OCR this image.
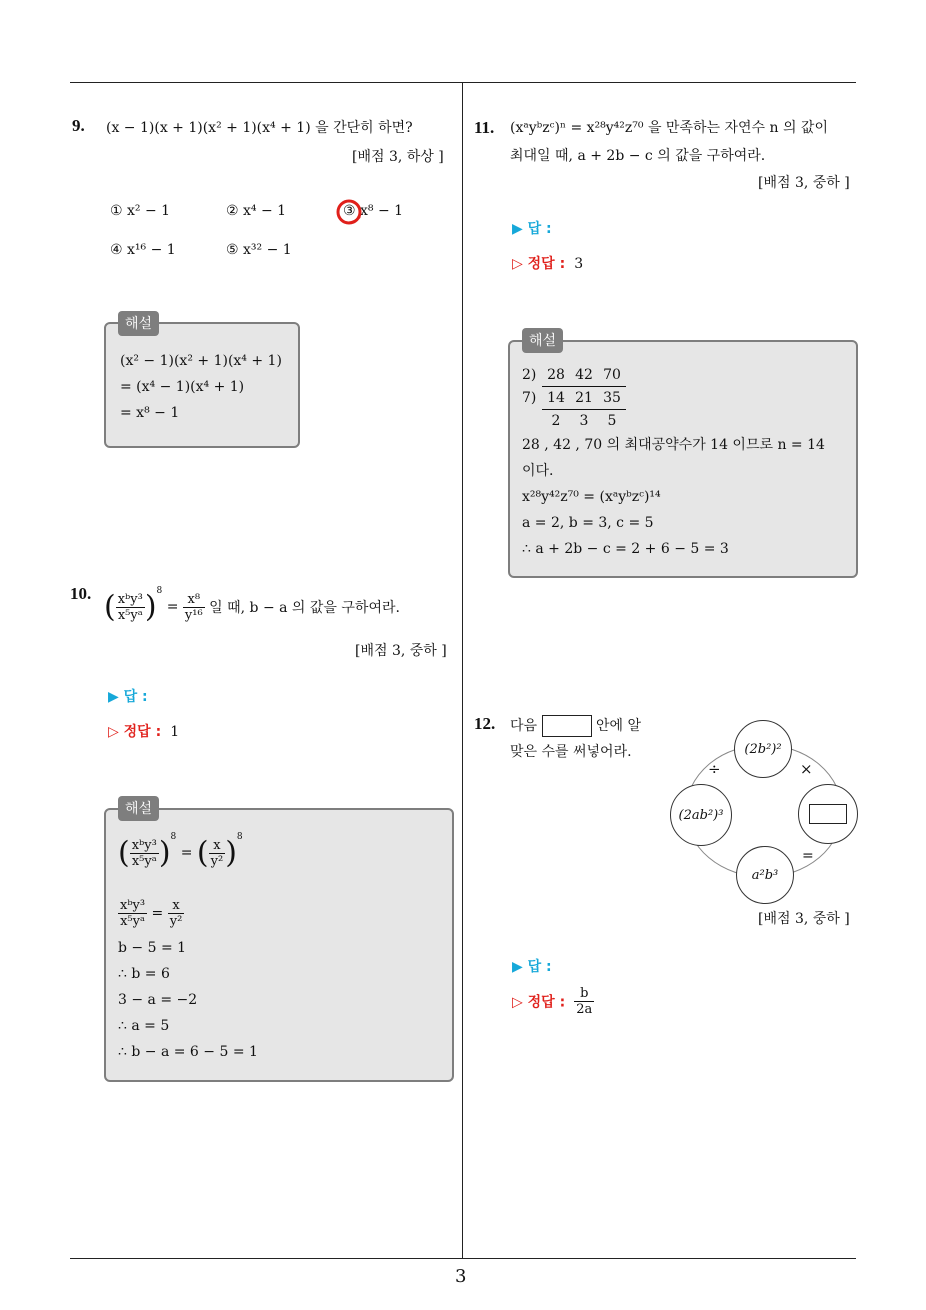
3
9. (x − 1)(x + 1)(x² + 1)(x⁴ + 1) 을 간단히 하면?
[배점 3, 하상 ]
① x² − 1	② x⁴ − 1	③ x⁸ − 1
④ x¹⁶ − 1	⑤ x³² − 1
(x² − 1)(x² + 1)(x⁴ + 1)
= (x⁴ − 1)(x⁴ + 1)
= x⁸ − 1
해설
10. ( $\frac{\text{xᵇy³}}{\text{x⁵yᵃ}} )^8 = \frac{\text{x⁸}}{\text{y¹⁶}}$ 일 때, b − a 의 값을 구하여라.
[배점 3, 중하 ]
▶ 답 :
▷ 정답 : 1
( $\frac{\text{xᵇy³}}{\text{x⁵yᵃ}} )^8$ = ( $\frac{x}{\text{y²}} )^8$
$\frac{\text{xᵇy³}}{\text{x⁵yᵃ}} = \frac{x}{\text{y²}}$
b − 5 = 1
∴ b = 6
3 − a = −2
∴ a = 5
∴ b − a = 6 − 5 = 1
해설
11. (xᵃyᵇzᶜ)ⁿ = x²⁸y⁴²z⁷⁰ 을 만족하는 자연수 n 의 값이
최대일 때, a + 2b − c 의 값을 구하여라.
[배점 3, 중하 ]
▶ 답 :
▷ 정답 : 3
2) 28 42 70
7) 14 21 35
2	3	5
28 , 42 , 70 의 최대공약수가 14 이므로 n = 14
이다.
x²⁸y⁴²z⁷⁰ = (xᵃyᵇzᶜ)¹⁴
a = 2, b = 3, c = 5
∴ a + 2b − c = 2 + 6 − 5 = 3
해설
12. 다음	안에 알
맞은 수를 써넣어라.
÷	×
=
(2b²)²
(2ab²)³
a²b³
[배점 3, 중하 ]
▶ 답 :
▷ 정답 : $\frac{b}{2a}$
